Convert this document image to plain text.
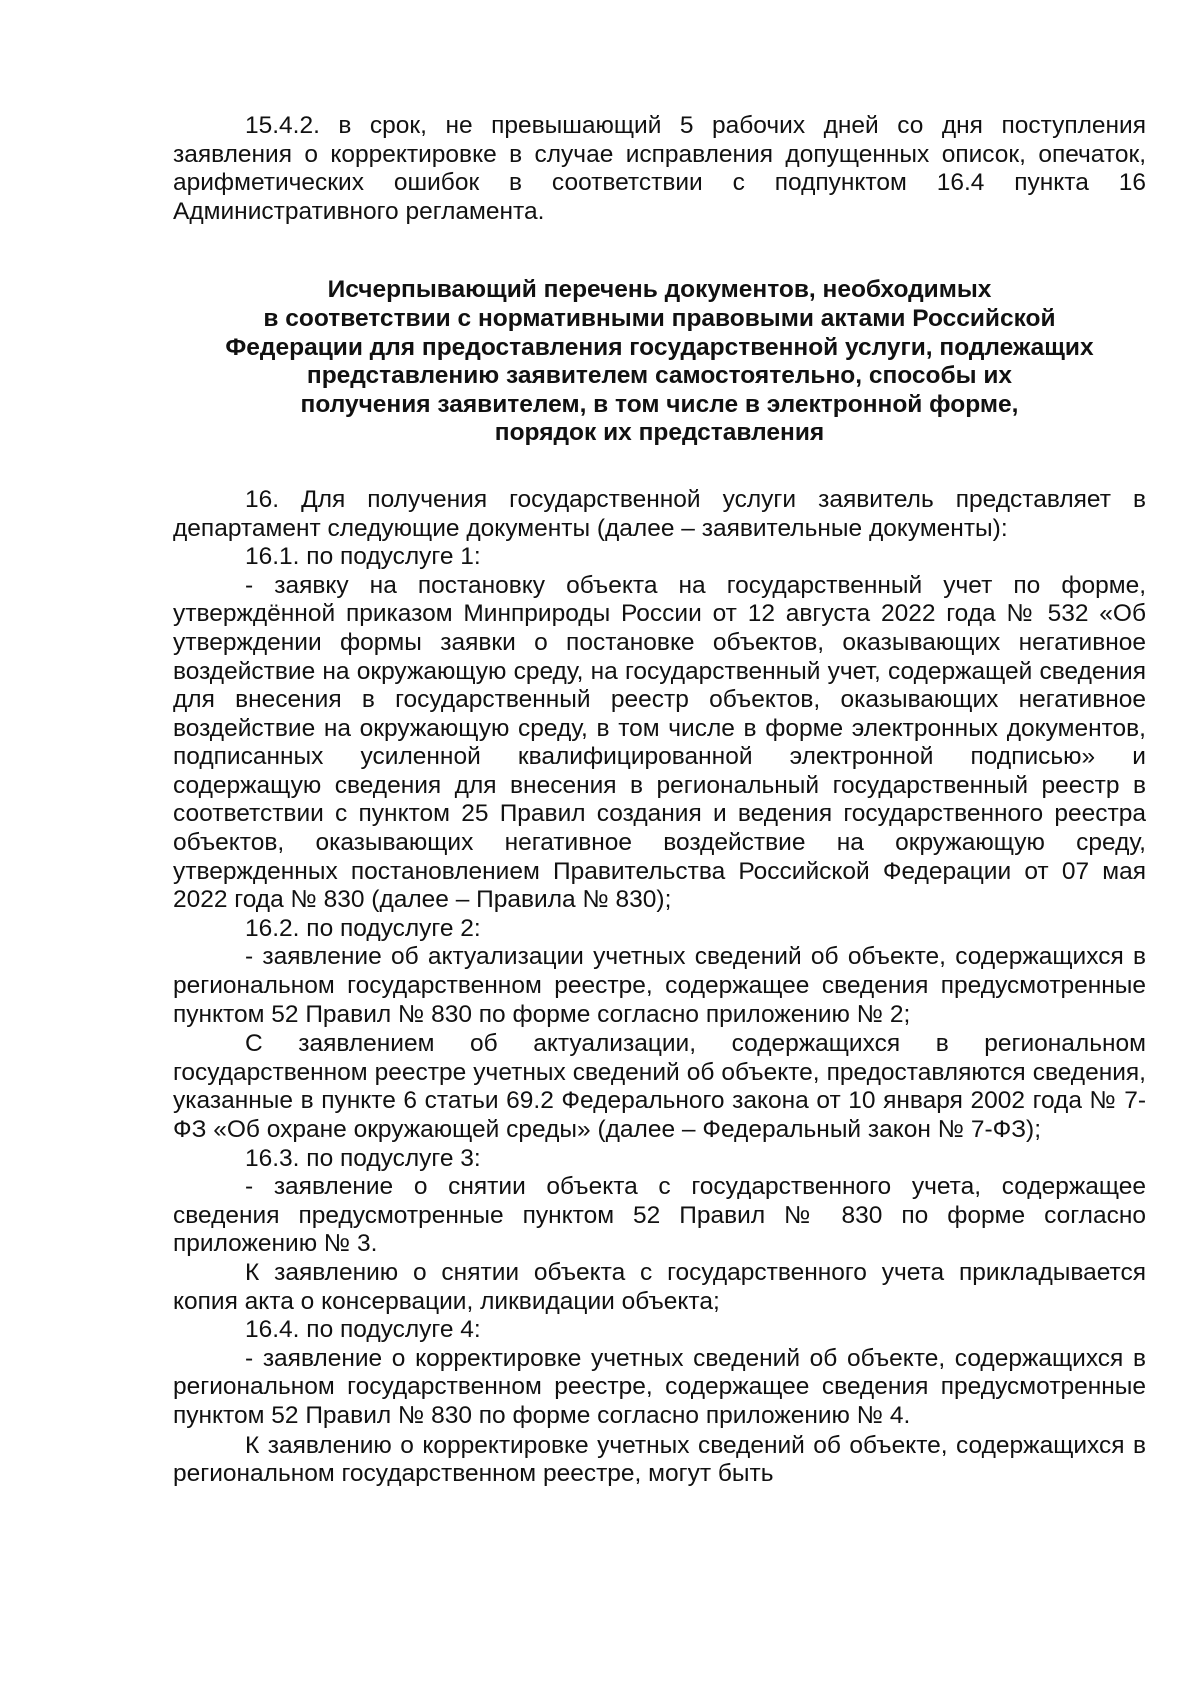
15.4.2. в срок, не превышающий 5 рабочих дней со дня поступления заявления о корректировке в случае исправления допущенных описок, опечаток, арифметических ошибок в соответствии с подпунктом 16.4 пункта 16 Административного регламента.

Исчерпывающий перечень документов, необходимых
в соответствии с нормативными правовыми актами Российской
Федерации для предоставления государственной услуги, подлежащих
представлению заявителем самостоятельно, способы их
получения заявителем, в том числе в электронной форме,
порядок их представления

16. Для получения государственной услуги заявитель представляет в департамент следующие документы (далее – заявительные документы):

16.1. по подуслуге 1:

- заявку на постановку объекта на государственный учет по форме, утверждённой приказом Минприроды России от 12 августа 2022 года № 532 «Об утверждении формы заявки о постановке объектов, оказывающих негативное воздействие на окружающую среду, на государственный учет, содержащей сведения для внесения в государственный реестр объектов, оказывающих негативное воздействие на окружающую среду, в том числе в форме электронных документов, подписанных усиленной квалифицированной электронной подписью» и содержащую сведения для внесения в региональный государственный реестр в соответствии с пунктом 25 Правил создания и ведения государственного реестра объектов, оказывающих негативное воздействие на окружающую среду, утвержденных постановлением Правительства Российской Федерации от 07 мая 2022 года № 830 (далее – Правила № 830);

16.2. по подуслуге 2:

- заявление об актуализации учетных сведений об объекте, содержащихся в региональном государственном реестре, содержащее сведения предусмотренные пунктом 52 Правил № 830 по форме согласно приложению № 2;

С заявлением об актуализации, содержащихся в региональном государственном реестре учетных сведений об объекте, предоставляются сведения, указанные в пункте 6 статьи 69.2 Федерального закона от 10 января 2002 года № 7-ФЗ «Об охране окружающей среды» (далее – Федеральный закон № 7-ФЗ);

16.3. по подуслуге 3:

- заявление о снятии объекта с государственного учета, содержащее сведения предусмотренные пунктом 52 Правил № 830 по форме согласно приложению № 3.

К заявлению о снятии объекта с государственного учета прикладывается копия акта о консервации, ликвидации объекта;

16.4. по подуслуге 4:

- заявление о корректировке учетных сведений об объекте, содержащихся в региональном государственном реестре, содержащее сведения предусмотренные пунктом 52 Правил № 830 по форме согласно приложению № 4.

К заявлению о корректировке учетных сведений об объекте, содержащихся в региональном государственном реестре, могут быть
